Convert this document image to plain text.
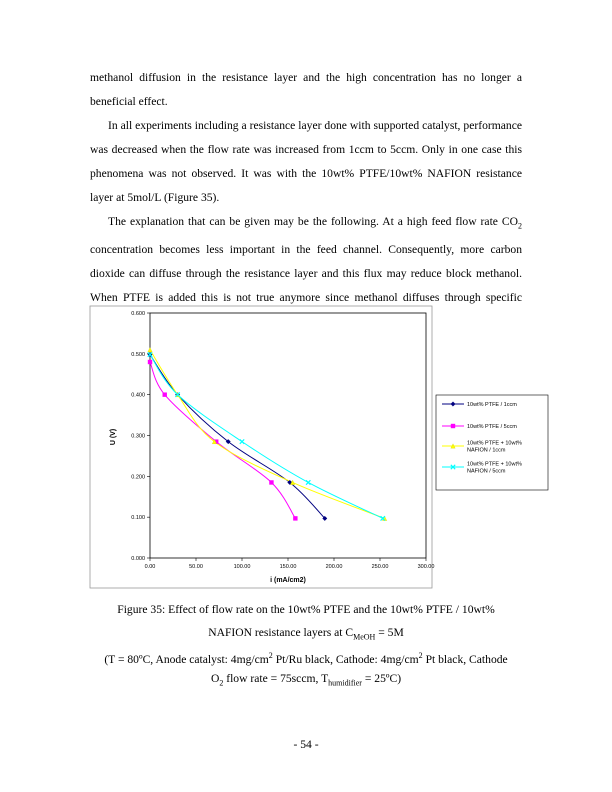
methanol diffusion in the resistance layer and the high concentration has no longer a beneficial effect.

In all experiments including a resistance layer done with supported catalyst, performance was decreased when the flow rate was increased from 1ccm to 5ccm. Only in one case this phenomena was not observed. It was with the 10wt% PTFE/10wt% NAFION resistance layer at 5mol/L (Figure 35).

The explanation that can be given may be the following. At a high feed flow rate $CO_2$ concentration becomes less important in the feed channel. Consequently, more carbon dioxide can diffuse through the resistance layer and this flux may reduce block methanol. When PTFE is added this is not true anymore since methanol diffuses through specific

0.000
0.100
0.200
0.300
0.400
0.500
0.600
0.00	50.00	100.00	150.00	200.00	250.00	300.00
U (V)
i (mA/cm2)
10wt% PTFE / 1ccm
10wt% PTFE / 5ccm
10wt% PTFE + 10wt% NAFION / 1ccm
10wt% PTFE + 10wt% NAFION / 5ccm

Figure 35: Effect of flow rate on the 10wt% PTFE and the 10wt% PTFE / 10wt%

NAFION resistance layers at $C_{MeOH} = 5M$

(T = 80ºC, Anode catalyst: $4mg/cm^2$ Pt/Ru black, Cathode: $4mg/cm^2$ Pt black, Cathode

$O_2$ flow rate = 75sccm, $T_{humidifier}$ = 25ºC)

- 54 -
